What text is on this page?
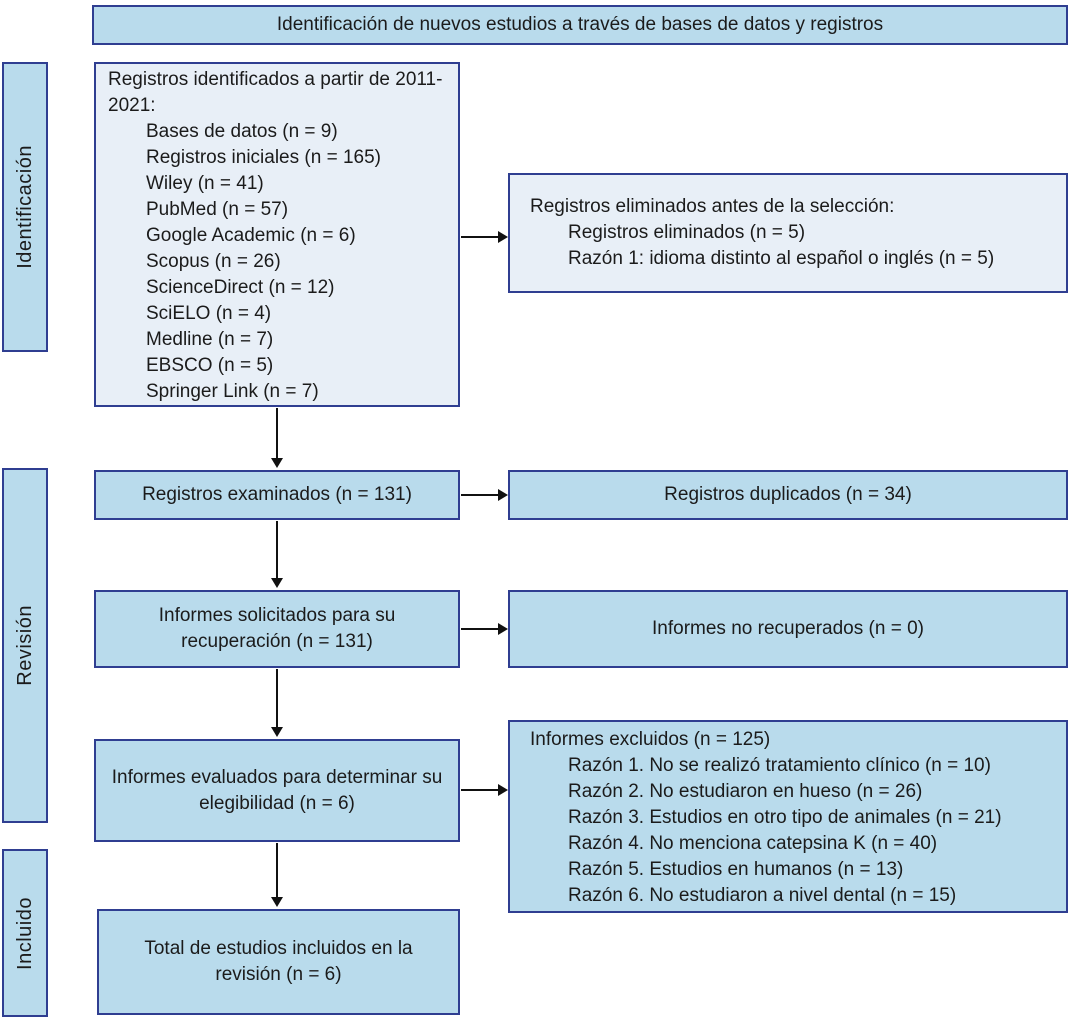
Identificación de nuevos estudios a través de bases de datos y registros
Identificación
Revisión
Incluido
Registros identificados a partir de 2011-2021:
Bases de datos (n = 9)
Registros iniciales (n = 165)
Wiley (n = 41)
PubMed (n = 57)
Google Academic (n = 6)
Scopus (n = 26)
ScienceDirect (n = 12)
SciELO (n = 4)
Medline (n = 7)
EBSCO (n = 5)
Springer Link (n = 7)
Registros eliminados antes de la selección:
Registros eliminados (n = 5)
Razón 1: idioma distinto al español o inglés (n = 5)
Registros examinados (n = 131)	Registros duplicados (n = 34)
Informes solicitados para su recuperación (n = 131)
Informes no recuperados (n = 0)
Informes evaluados para determinar su elegibilidad (n = 6)
Informes excluidos (n = 125)
Razón 1. No se realizó tratamiento clínico (n = 10)
Razón 2. No estudiaron en hueso (n = 26)
Razón 3. Estudios en otro tipo de animales (n = 21)
Razón 4. No menciona catepsina K (n = 40)
Razón 5. Estudios en humanos (n = 13)
Razón 6. No estudiaron a nivel dental (n = 15)
Total de estudios incluidos en la revisión (n = 6)
